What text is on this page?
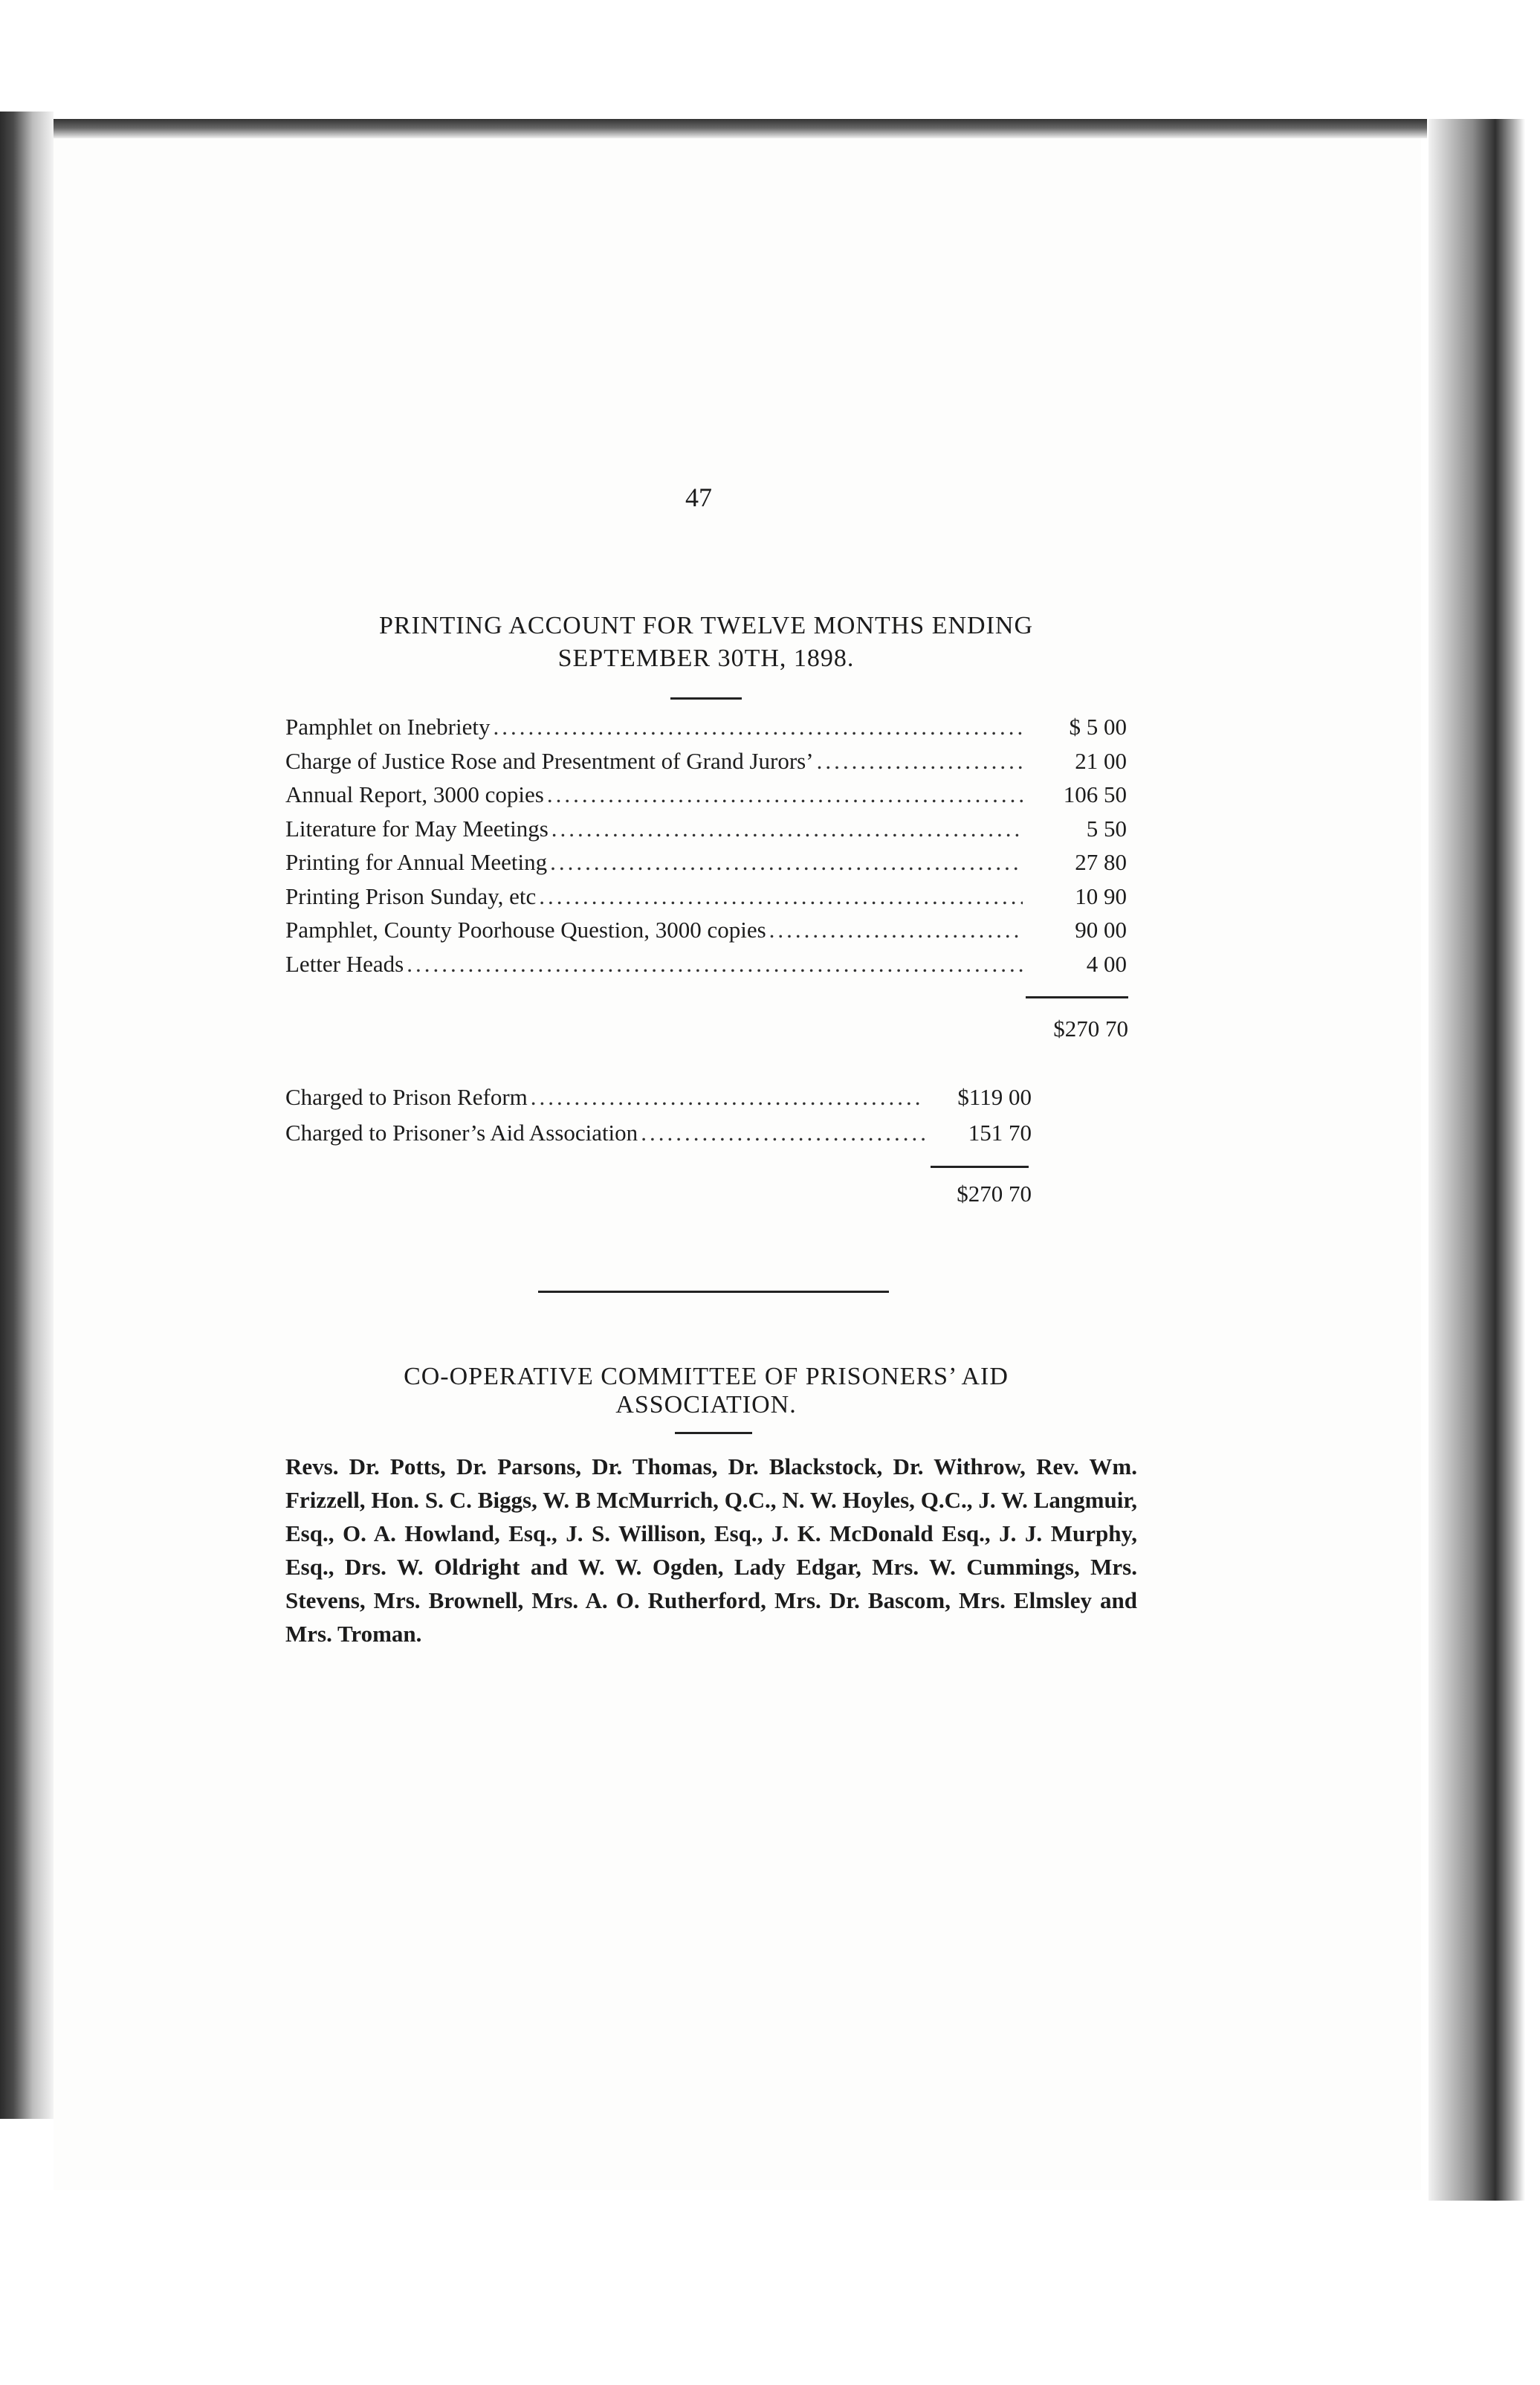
47
PRINTING ACCOUNT FOR TWELVE MONTHS ENDING
SEPTEMBER 30TH, 1898.
Pamphlet on Inebriety .....	$ 5 00
Charge of Justice Rose and Presentment of Grand Jurors’ .....	21 00
Annual Report, 3000 copies .....	106 50
Literature for May Meetings .....	5 50
Printing for Annual Meeting .....	27 80
Printing Prison Sunday, etc .....	10 90
Pamphlet, County Poorhouse Question, 3000 copies .....	90 00
Letter Heads .....	4 00
$270 70
Charged to Prison Reform .....	$119 00
Charged to Prisoner’s Aid Association .....	151 70
$270 70
CO-OPERATIVE COMMITTEE OF PRISONERS’ AID
ASSOCIATION.
Revs. Dr. Potts, Dr. Parsons, Dr. Thomas, Dr. Blackstock, Dr. Withrow, Rev. Wm. Frizzell, Hon. S. C. Biggs, W. B McMurrich, Q.C., N. W. Hoyles, Q.C., J. W. Langmuir, Esq., O. A. Howland, Esq., J. S. Willison, Esq., J. K. McDonald Esq., J. J. Murphy, Esq., Drs. W. Oldright and W. W. Ogden, Lady Edgar, Mrs. W. Cummings, Mrs. Stevens, Mrs. Brownell, Mrs. A. O. Rutherford, Mrs. Dr. Bascom, Mrs. Elmsley and Mrs. Troman.
